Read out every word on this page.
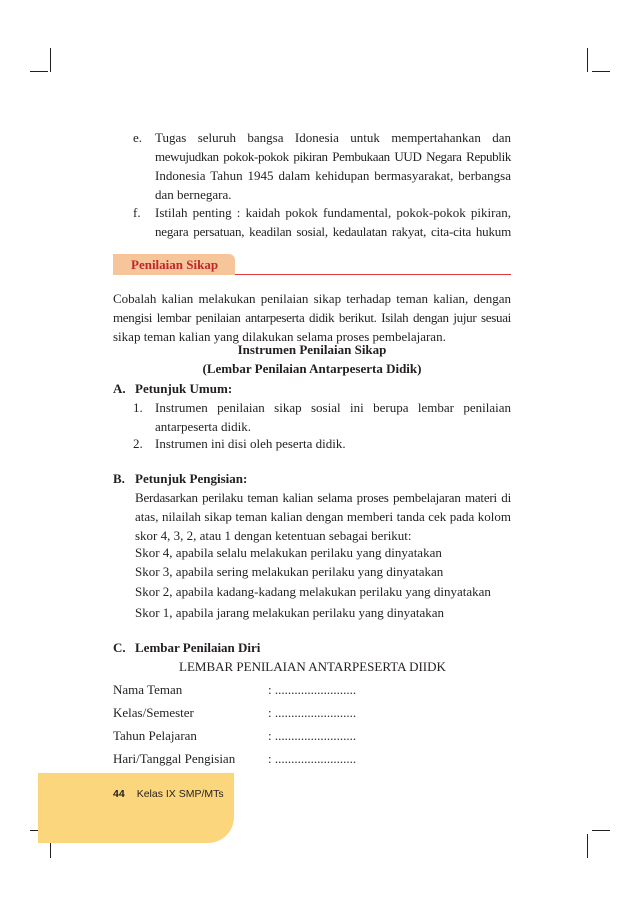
e. Tugas seluruh bangsa Idonesia untuk mempertahankan dan
mewujudkan pokok-pokok pikiran Pembukaan UUD Negara Republik
Indonesia Tahun 1945 dalam kehidupan bermasyarakat, berbangsa
dan bernegara.
f. Istilah penting : kaidah pokok fundamental, pokok-pokok pikiran,
negara persatuan, keadilan sosial, kedaulatan rakyat, cita-cita hukum
Penilaian Sikap
Cobalah kalian melakukan penilaian sikap terhadap teman kalian, dengan
mengisi lembar penilaian antarpeserta didik berikut. Isilah dengan jujur sesuai
sikap teman kalian yang dilakukan selama proses pembelajaran.
Instrumen Penilaian Sikap
(Lembar Penilaian Antarpeserta Didik)
A. Petunjuk Umum:
1. Instrumen penilaian sikap sosial ini berupa lembar penilaian
antarpeserta didik.
2. Instrumen ini disi oleh peserta didik.
B. Petunjuk Pengisian:
Berdasarkan perilaku teman kalian selama proses pembelajaran materi di
atas, nilailah sikap teman kalian dengan memberi tanda cek pada kolom
skor 4, 3, 2, atau 1 dengan ketentuan sebagai berikut:
Skor 4, apabila selalu melakukan perilaku yang dinyatakan
Skor 3, apabila sering melakukan perilaku yang dinyatakan
Skor 2, apabila kadang-kadang melakukan perilaku yang dinyatakan
Skor 1, apabila jarang melakukan perilaku yang dinyatakan
C. Lembar Penilaian Diri
LEMBAR PENILAIAN ANTARPESERTA DIIDK
Nama Teman	: .........................
Kelas/Semester	: .........................
Tahun Pelajaran	: .........................
Hari/Tanggal Pengisian	: .........................
44 Kelas IX SMP/MTs
